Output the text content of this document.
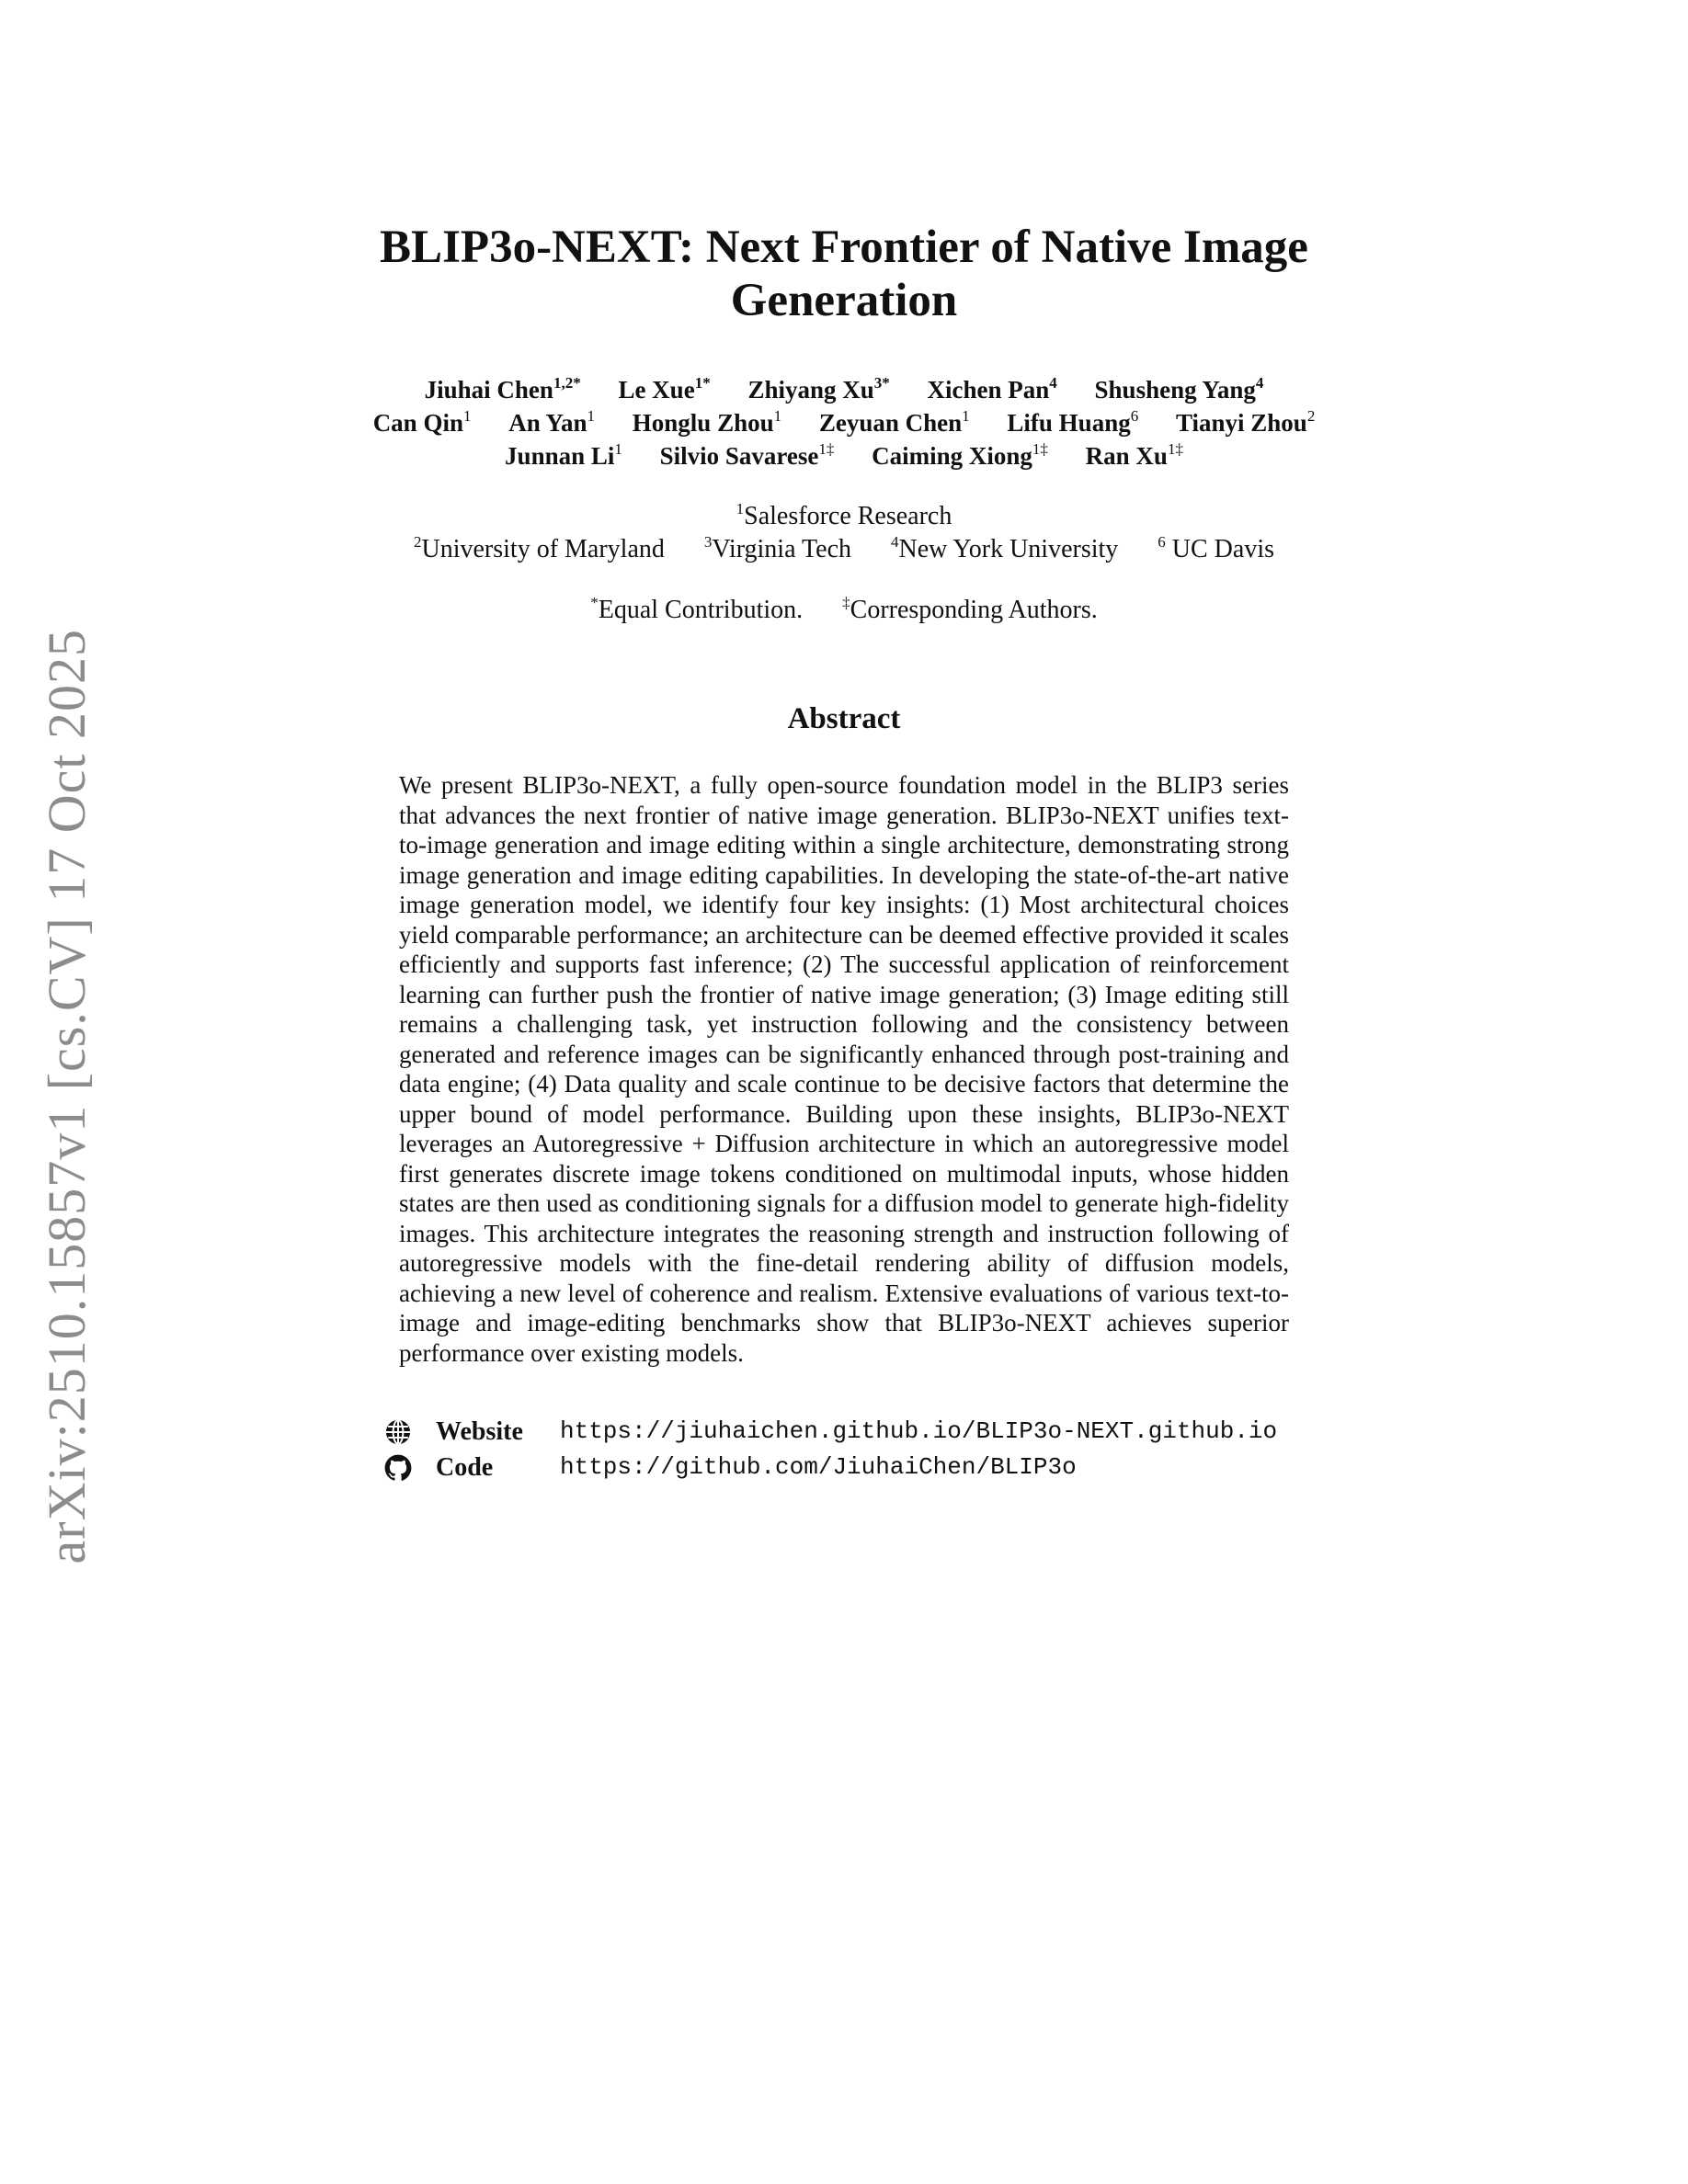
arXiv:2510.15857v1 [cs.CV] 17 Oct 2025
BLIP3o-NEXT: Next Frontier of Native Image
Generation
Jiuhai Chen$^{1,2*}$ Le Xue$^{1*}$ Zhiyang $Xu^{3*}$ Xichen Pan$^4$ Shusheng Yang$^4$
Can Qin$^1$ An Yan$^1$ Honglu Zhou$^1$ Zeyuan Chen$^1$ Lifu Huang$^6$ Tianyi Zhou$^2$
Junnan Li$^1$ Silvio Savarese$^{1\ddagger}$ Caiming Xiong$^{1\ddagger}$ Ran $Xu^{1\ddagger}$
$^1$Salesforce Research
$^2$University of Maryland	$^3$Virginia Tech	$^4$New York University	$^6$ UC Davis
*Equal Contribution.	‡Corresponding Authors.
Abstract

We present BLIP3o-NEXT, a fully open-source foundation model in the BLIP3 series that advances the next frontier of native image generation. BLIP3o-NEXT unifies text-to-image generation and image editing within a single architecture, demonstrating strong image generation and image editing capabilities. In developing the state-of-the-art native image generation model, we identify four key insights: (1) Most architectural choices yield comparable performance; an architecture can be deemed effective provided it scales efficiently and supports fast inference; (2) The successful application of reinforcement learning can further push the frontier of native image generation; (3) Image editing still remains a challenging task, yet instruction following and the consistency between generated and reference images can be significantly enhanced through post-training and data engine; (4) Data quality and scale continue to be decisive factors that determine the upper bound of model performance. Building upon these insights, BLIP3o-NEXT leverages an Autoregressive + Diffusion architecture in which an autoregressive model first generates discrete image tokens conditioned on multimodal inputs, whose hidden states are then used as conditioning signals for a diffusion model to generate high-fidelity images. This architecture integrates the reasoning strength and instruction following of autoregressive models with the fine-detail rendering ability of diffusion models, achieving a new level of coherence and realism. Extensive evaluations of various text-to-image and image-editing benchmarks show that BLIP3o-NEXT achieves superior performance over existing models.

Website	https://jiuhaichen.github.io/BLIP3o-NEXT.github.io
Code	https://github.com/JiuhaiChen/BLIP3o
